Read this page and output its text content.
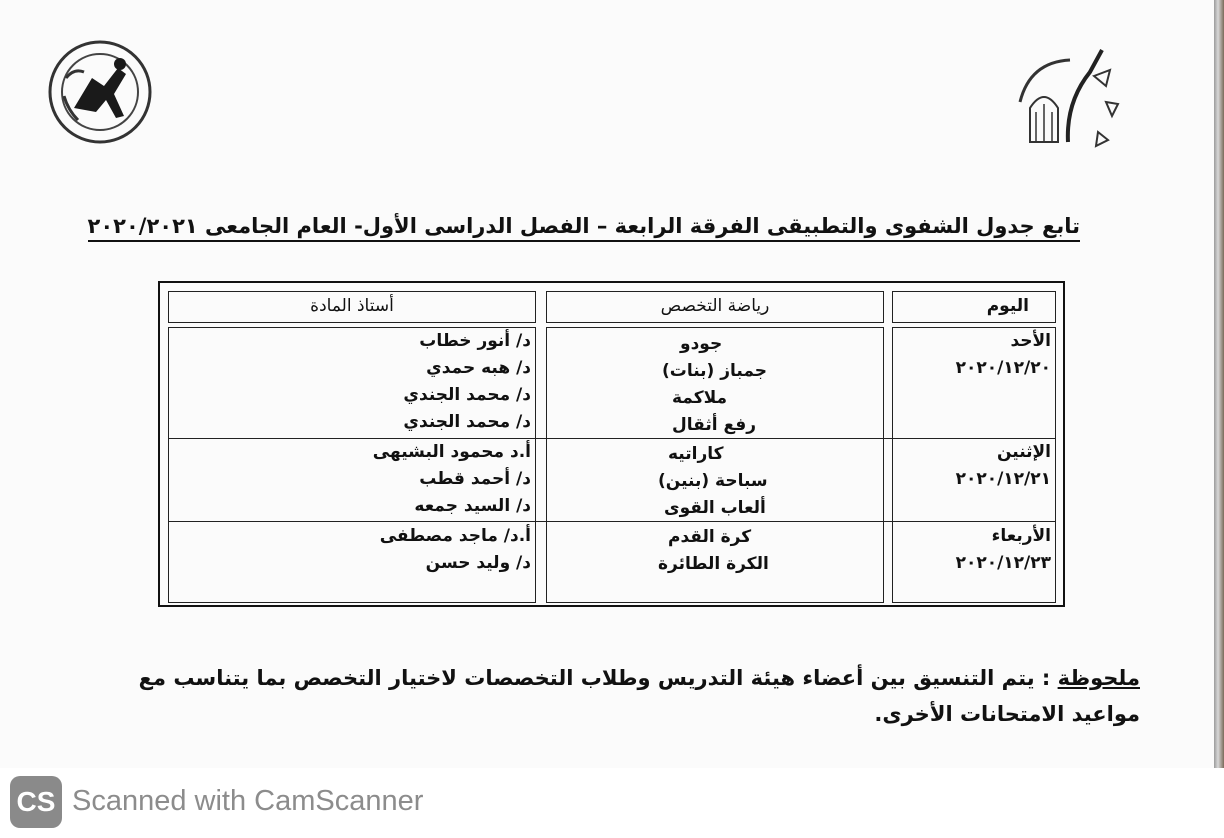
تابع جدول الشفوى والتطبيقى الفرقة الرابعة – الفصل الدراسى الأول- العام الجامعى ٢٠٢٠/٢٠٢١
أستاذ المادة	رياضة التخصص	اليوم
الأحد
٢٠٢٠/١٢/٢٠
جودو
جمباز (بنات)
ملاكمة
رفع أثقال
د/ أنور خطاب
د/ هبه حمدي
د/ محمد الجندي
د/ محمد الجندي
الإثنين
٢٠٢٠/١٢/٢١
كاراتيه
سباحة (بنين)
ألعاب القوى
أ.د محمود البشيهى
د/ أحمد قطب
د/ السيد جمعه
الأربعاء
٢٠٢٠/١٢/٢٣
كرة القدم
الكرة الطائرة
أ.د/ ماجد مصطفى
د/ وليد حسن
ملحوظة : يتم التنسيق بين أعضاء هيئة التدريس وطلاب التخصصات لاختيار التخصص بما يتناسب مع مواعيد الامتحانات الأخرى.
CS Scanned with CamScanner
